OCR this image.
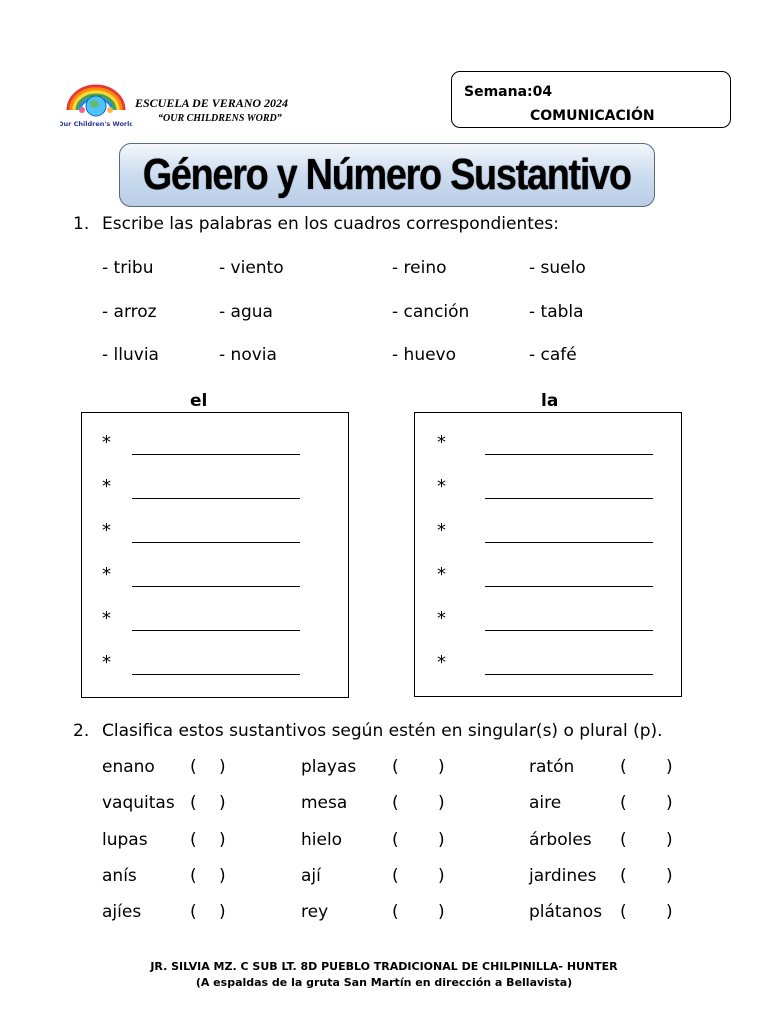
Our Children's World
ESCUELA DE VERANO 2024
“OUR CHILDRENS WORD”
Semana:04
COMUNICACIÓN
Género y Número Sustantivo
1. Escribe las palabras en los cuadros correspondientes:
- tribu	- viento	- reino	- suelo
- arroz	- agua	- canción	- tabla
- lluvia	- novia	- huevo	- café
el	la
*
*
*
*
*
*
*
*
*
*
*
*
2. Clasifica estos sustantivos según estén en singular(s) o plural (p).
enano ( )	playas ( )	ratón	( )
vaquitas ( )	mesa	( )	aire	( )
lupas ( )	hielo	( )	árboles ( )
anís	( )	ají	( )	jardines ( )
ajíes	( )	rey	( )	plátanos ( )
JR. SILVIA MZ. C SUB LT. 8D PUEBLO TRADICIONAL DE CHILPINILLA- HUNTER
(A espaldas de la gruta San Martín en dirección a Bellavista)
